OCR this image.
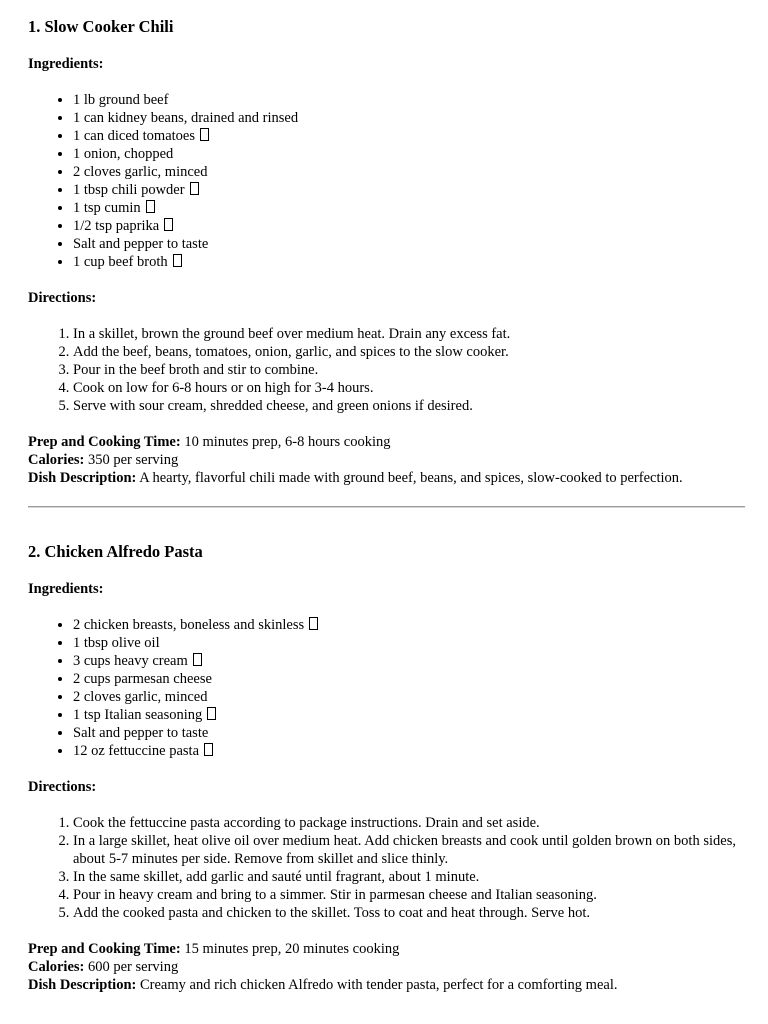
1. Slow Cooker Chili
Ingredients:
• 1 lb ground beef
• 1 can kidney beans, drained and rinsed
• 1 can diced tomatoes
• 1 onion, chopped
• 2 cloves garlic, minced
• 1 tbsp chili powder
• 1 tsp cumin
• 1/2 tsp paprika
• Salt and pepper to taste
• 1 cup beef broth
Directions:
1. In a skillet, brown the ground beef over medium heat. Drain any excess fat.
2. Add the beef, beans, tomatoes, onion, garlic, and spices to the slow cooker.
3. Pour in the beef broth and stir to combine.
4. Cook on low for 6-8 hours or on high for 3-4 hours.
5. Serve with sour cream, shredded cheese, and green onions if desired.

Prep and Cooking Time: 10 minutes prep, 6-8 hours cooking

Calories: 350 per serving

Dish Description: A hearty, flavorful chili made with ground beef, beans, and spices, slow-cooked to perfection.

2. Chicken Alfredo Pasta
Ingredients:
• 2 chicken breasts, boneless and skinless
• 1 tbsp olive oil
• 3 cups heavy cream
• 2 cups parmesan cheese
• 2 cloves garlic, minced
• 1 tsp Italian seasoning
• Salt and pepper to taste
• 12 oz fettuccine pasta
Directions:
1. Cook the fettuccine pasta according to package instructions. Drain and set aside.
2. In a large skillet, heat olive oil over medium heat. Add chicken breasts and cook until golden brown on both sides, about 5-7 minutes per side. Remove from skillet and slice thinly.
3. In the same skillet, add garlic and sauté until fragrant, about 1 minute.
4. Pour in heavy cream and bring to a simmer. Stir in parmesan cheese and Italian seasoning.
5. Add the cooked pasta and chicken to the skillet. Toss to coat and heat through. Serve hot.

Prep and Cooking Time: 15 minutes prep, 20 minutes cooking

Calories: 600 per serving

Dish Description: Creamy and rich chicken Alfredo with tender pasta, perfect for a comforting meal.
